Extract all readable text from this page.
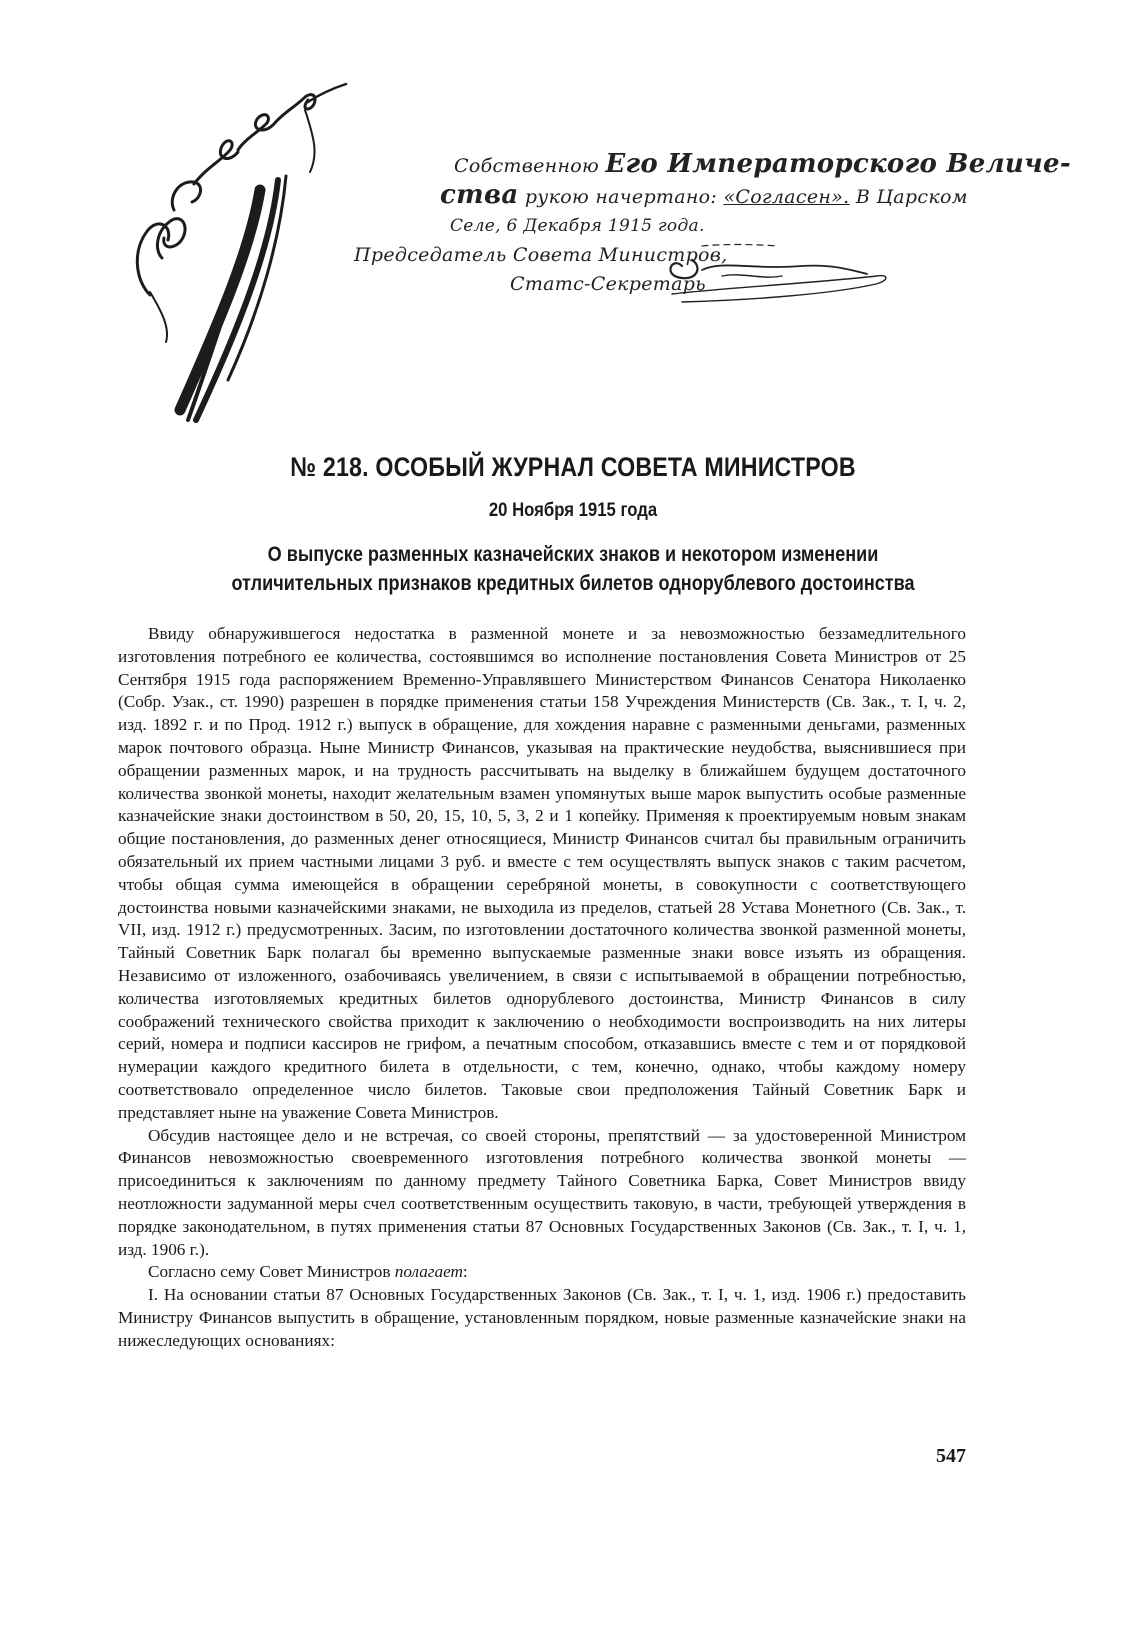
Собственною Его Императорского Величе-
ства рукою начертано: «Согласен». В Царском
Селе, 6 Декабря 1915 года.
Председатель Совета Министров,
Статс-Секретарь
№ 218. ОСОБЫЙ ЖУРНАЛ СОВЕТА МИНИСТРОВ
20 Ноября 1915 года
О выпуске разменных казначейских знаков и некотором изменении
отличительных признаков кредитных билетов однорублевого достоинства

Ввиду обнаружившегося недостатка в разменной монете и за невозможностью беззамедлительного изготовления потребного ее количества, состоявшимся во исполнение постановления Совета Министров от 25 Сентября 1915 года распоряжением Временно-Управлявшего Министерством Финансов Сенатора Николаенко (Собр. Узак., ст. 1990) разрешен в порядке применения статьи 158 Учреждения Министерств (Св. Зак., т. I, ч. 2, изд. 1892 г. и по Прод. 1912 г.) выпуск в обращение, для хождения наравне с разменными деньгами, разменных марок почтового образца. Ныне Министр Финансов, указывая на практические неудобства, выяснившиеся при обращении разменных марок, и на трудность рассчитывать на выделку в ближайшем будущем достаточного количества звонкой монеты, находит желательным взамен упомянутых выше марок выпустить особые разменные казначейские знаки достоинством в 50, 20, 15, 10, 5, 3, 2 и 1 копейку. Применяя к проектируемым новым знакам общие постановления, до разменных денег относящиеся, Министр Финансов считал бы правильным ограничить обязательный их прием частными лицами 3 руб. и вместе с тем осуществлять выпуск знаков с таким расчетом, чтобы общая сумма имеющейся в обращении серебряной монеты, в совокупности с соответствующего достоинства новыми казначейскими знаками, не выходила из пределов, статьей 28 Устава Монетного (Св. Зак., т. VII, изд. 1912 г.) предусмотренных. Засим, по изготовлении достаточного количества звонкой разменной монеты, Тайный Советник Барк полагал бы временно выпускаемые разменные знаки вовсе изъять из обращения. Независимо от изложенного, озабочиваясь увеличением, в связи с испытываемой в обращении потребностью, количества изготовляемых кредитных билетов однорублевого достоинства, Министр Финансов в силу соображений технического свойства приходит к заключению о необходимости воспроизводить на них литеры серий, номера и подписи кассиров не грифом, а печатным способом, отказавшись вместе с тем и от порядковой нумерации каждого кредитного билета в отдельности, с тем, конечно, однако, чтобы каждому номеру соответствовало определенное число билетов. Таковые свои предположения Тайный Советник Барк и представляет ныне на уважение Совета Министров.

Обсудив настоящее дело и не встречая, со своей стороны, препятствий — за удостоверенной Министром Финансов невозможностью своевременного изготовления потребного количества звонкой монеты — присоединиться к заключениям по данному предмету Тайного Советника Барка, Совет Министров ввиду неотложности задуманной меры счел соответственным осуществить таковую, в части, требующей утверждения в порядке законодательном, в путях применения статьи 87 Основных Государственных Законов (Св. Зак., т. I, ч. 1, изд. 1906 г.).

Согласно сему Совет Министров полагает:

I. На основании статьи 87 Основных Государственных Законов (Св. Зак., т. I, ч. 1, изд. 1906 г.) предоставить Министру Финансов выпустить в обращение, установленным порядком, новые разменные казначейские знаки на нижеследующих основаниях:

547
